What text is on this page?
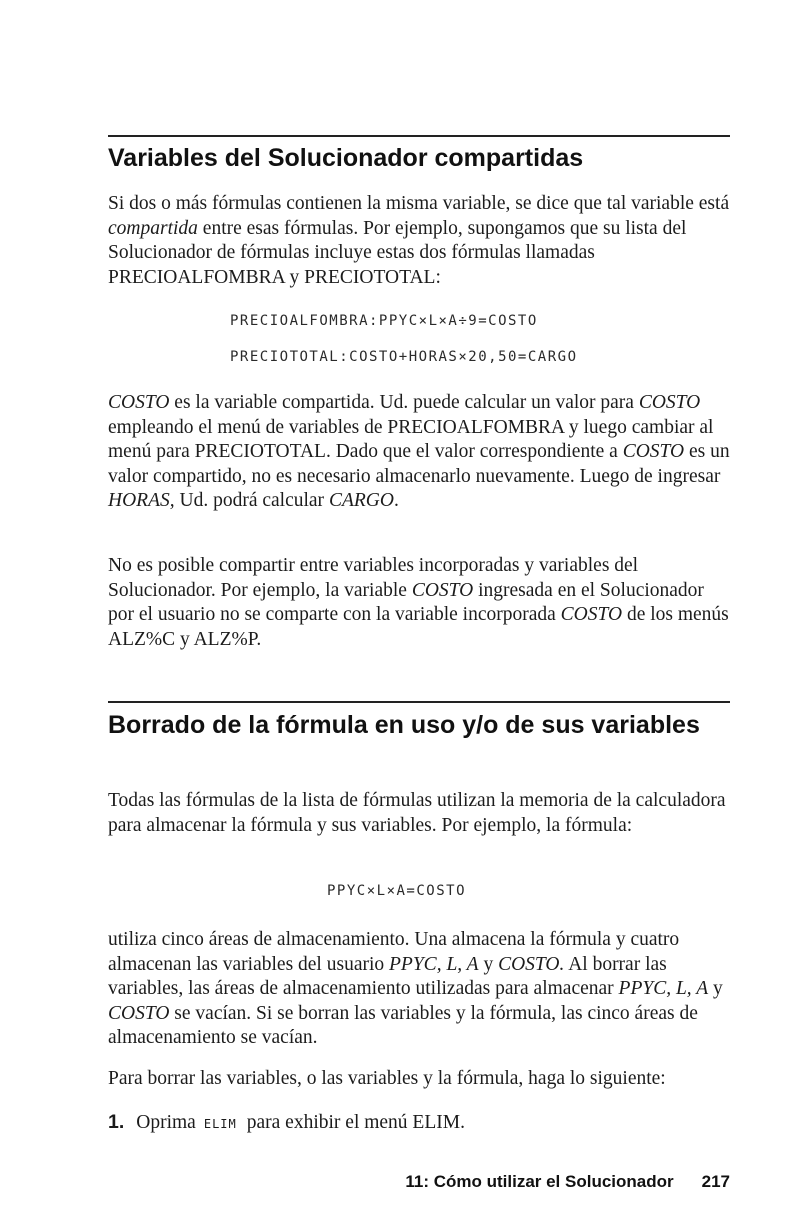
Variables del Solucionador compartidas

Si dos o más fórmulas contienen la misma variable, se dice que tal variable está compartida entre esas fórmulas. Por ejemplo, supongamos que su lista del Solucionador de fórmulas incluye estas dos fórmulas llamadas PRECIOALFOMBRA y PRECIOTOTAL:

PRECIOALFOMBRA:PPYC×L×A÷9=COSTO

PRECIOTOTAL:COSTO+HORAS×20,50=CARGO

COSTO es la variable compartida. Ud. puede calcular un valor para COSTO empleando el menú de variables de PRECIOALFOMBRA y luego cambiar al menú para PRECIOTOTAL. Dado que el valor correspondiente a COSTO es un valor compartido, no es necesario almacenarlo nuevamente. Luego de ingresar HORAS, Ud. podrá calcular CARGO.

No es posible compartir entre variables incorporadas y variables del Solucionador. Por ejemplo, la variable COSTO ingresada en el Solucionador por el usuario no se comparte con la variable incorporada COSTO de los menús ALZ%C y ALZ%P.

Borrado de la fórmula en uso y/o de sus variables

Todas las fórmulas de la lista de fórmulas utilizan la memoria de la calculadora para almacenar la fórmula y sus variables. Por ejemplo, la fórmula:

PPYC×L×A=COSTO

utiliza cinco áreas de almacenamiento. Una almacena la fórmula y cuatro almacenan las variables del usuario PPYC, L, A y COSTO. Al borrar las variables, las áreas de almacenamiento utilizadas para almacenar PPYC, L, A y COSTO se vacían. Si se borran las variables y la fórmula, las cinco áreas de almacenamiento se vacían.

Para borrar las variables, o las variables y la fórmula, haga lo siguiente:

1. Oprima ELIM para exhibir el menú ELIM.
11: Cómo utilizar el Solucionador 217
